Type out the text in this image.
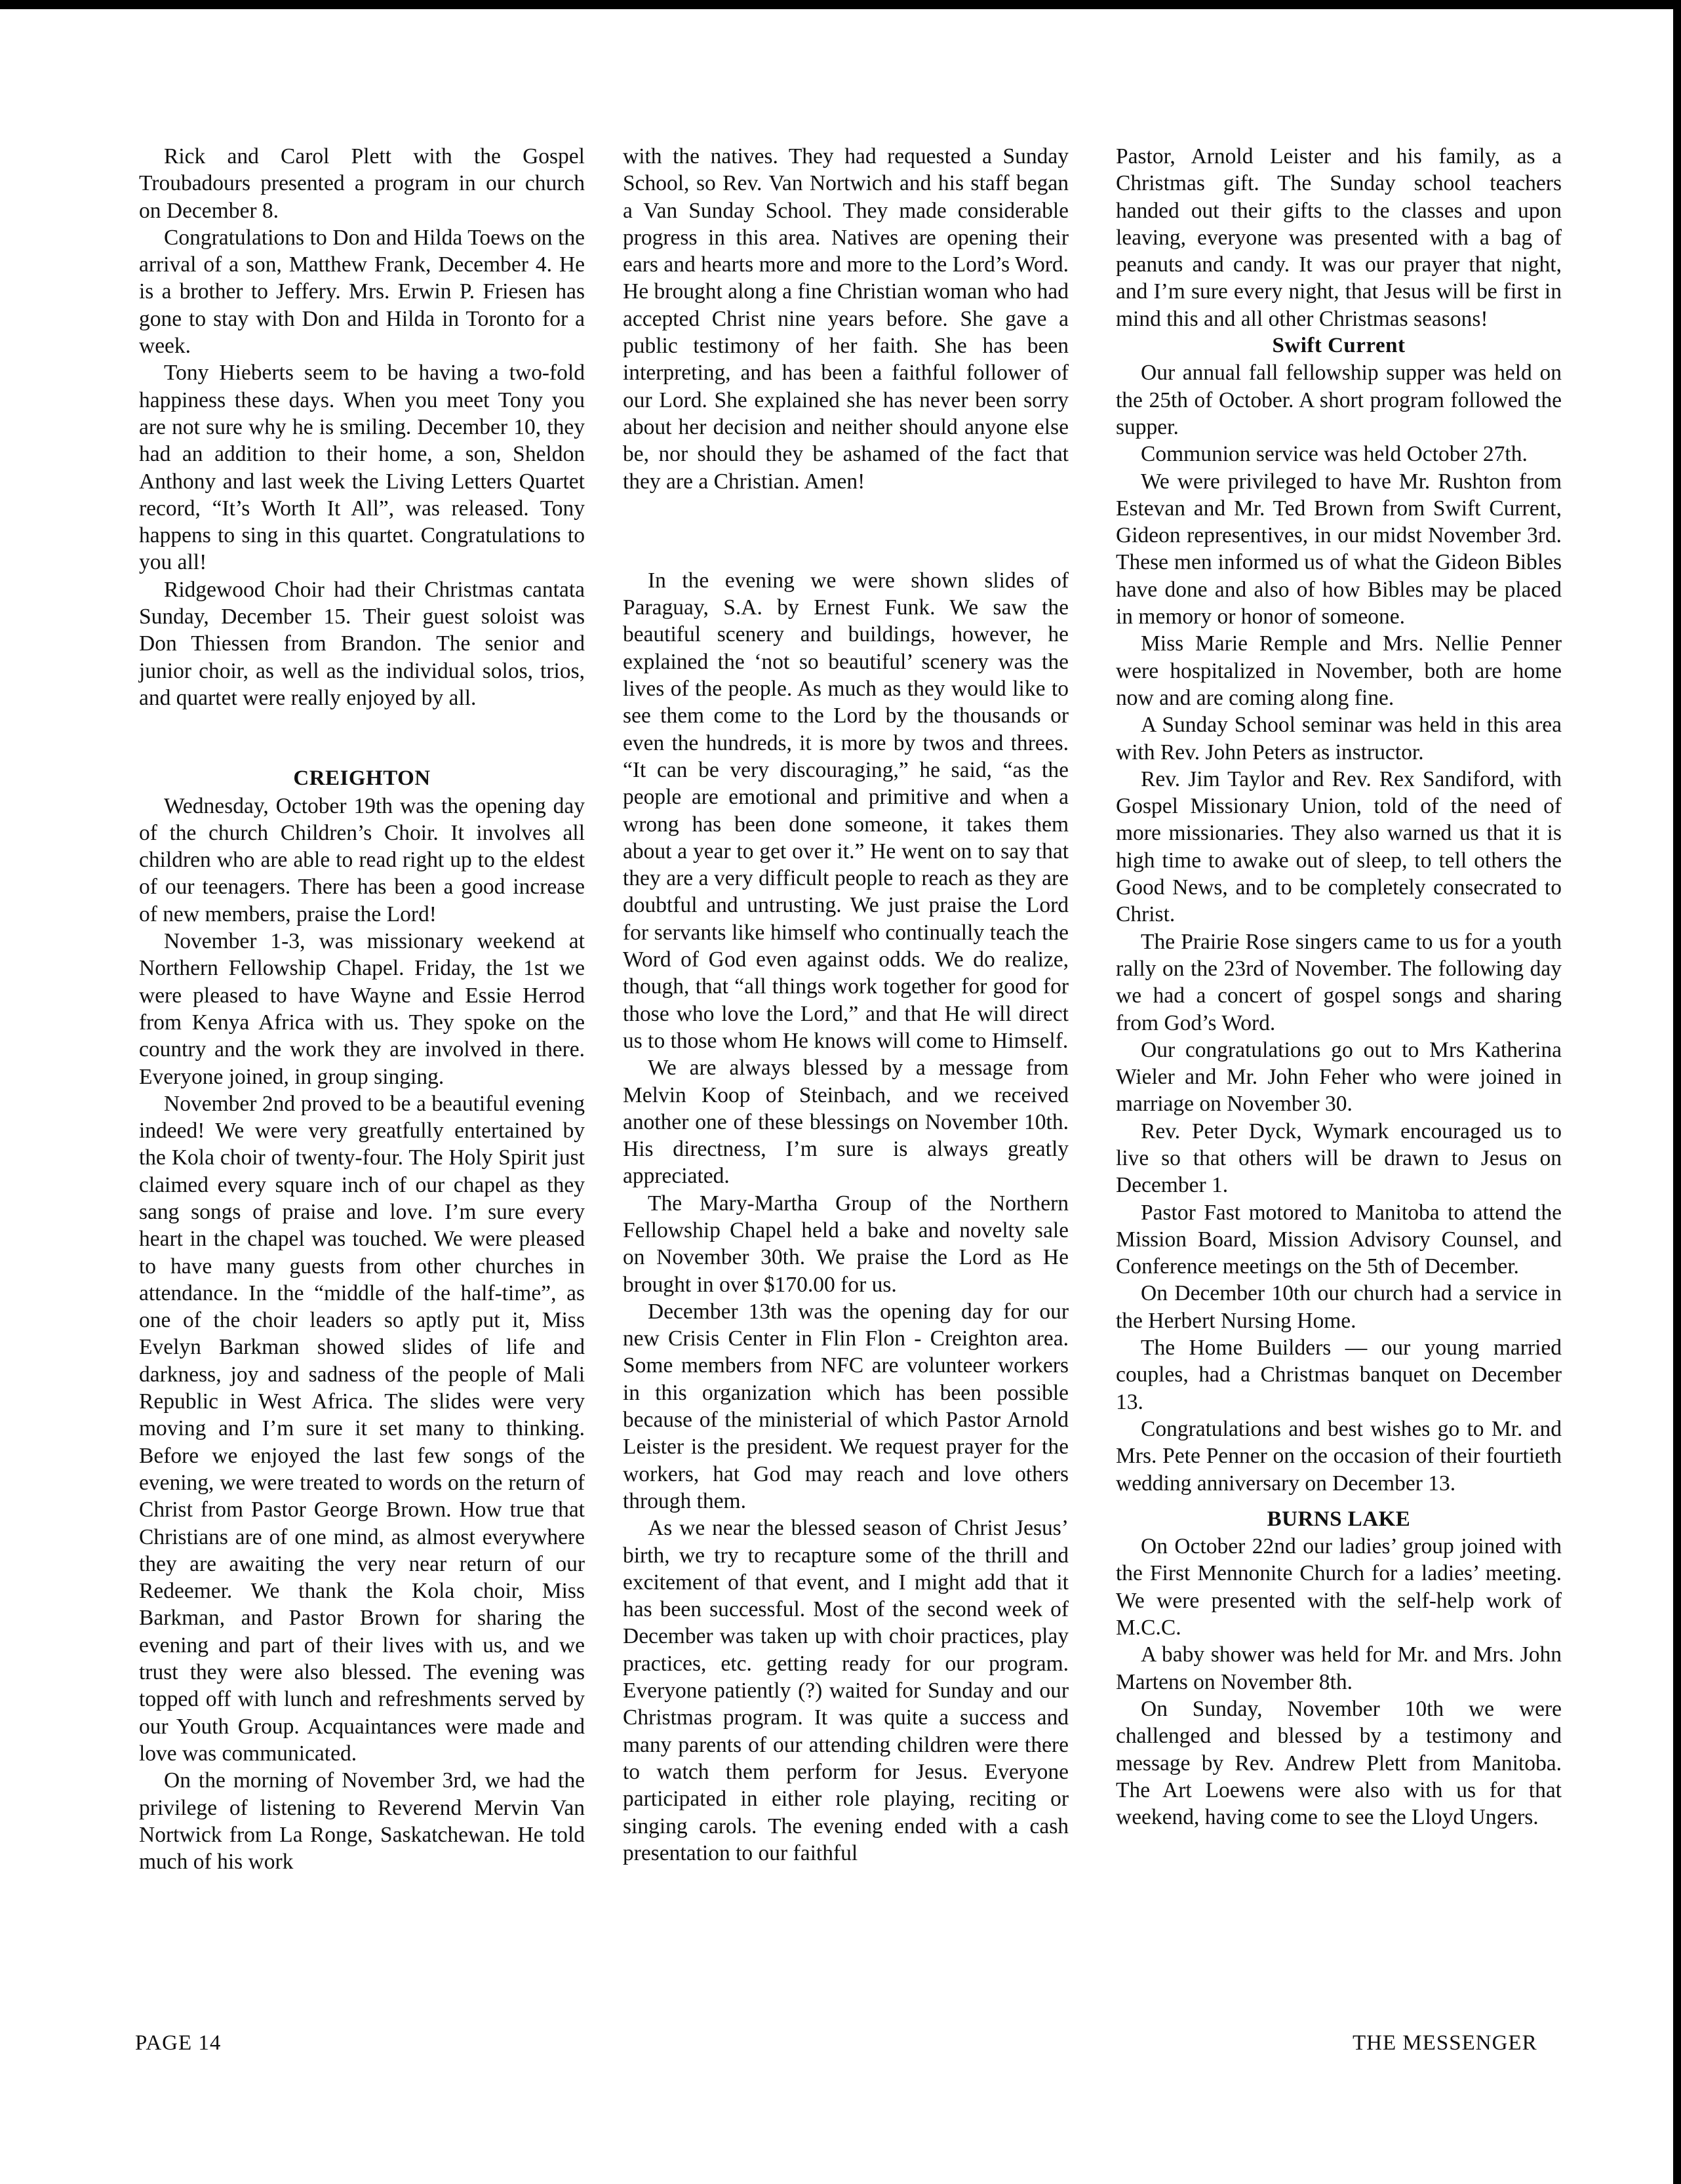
Rick and Carol Plett with the Gospel Troubadours presented a program in our church on December 8.

Congratulations to Don and Hilda Toews on the arrival of a son, Matthew Frank, December 4. He is a brother to Jeffery. Mrs. Erwin P. Friesen has gone to stay with Don and Hilda in Toronto for a week.

Tony Hieberts seem to be having a two-fold happiness these days. When you meet Tony you are not sure why he is smiling. December 10, they had an addition to their home, a son, Sheldon Anthony and last week the Living Letters Quartet record, “It’s Worth It All”, was released. Tony happens to sing in this quartet. Congratulations to you all!

Ridgewood Choir had their Christmas cantata Sunday, December 15. Their guest soloist was Don Thiessen from Brandon. The senior and junior choir, as well as the individual solos, trios, and quartet were really enjoyed by all.

CREIGHTON

Wednesday, October 19th was the opening day of the church Children’s Choir. It involves all children who are able to read right up to the eldest of our teenagers. There has been a good increase of new members, praise the Lord!

November 1-3, was missionary weekend at Northern Fellowship Chapel. Friday, the 1st we were pleased to have Wayne and Essie Herrod from Kenya Africa with us. They spoke on the country and the work they are involved in there. Everyone joined, in group singing.

November 2nd proved to be a beautiful evening indeed! We were very greatfully entertained by the Kola choir of twenty-four. The Holy Spirit just claimed every square inch of our chapel as they sang songs of praise and love. I’m sure every heart in the chapel was touched. We were pleased to have many guests from other churches in attendance. In the “middle of the half-time”, as one of the choir leaders so aptly put it, Miss Evelyn Barkman showed slides of life and darkness, joy and sadness of the people of Mali Republic in West Africa. The slides were very moving and I’m sure it set many to thinking. Before we enjoyed the last few songs of the evening, we were treated to words on the return of Christ from Pastor George Brown. How true that Christians are of one mind, as almost everywhere they are awaiting the very near return of our Redeemer. We thank the Kola choir, Miss Barkman, and Pastor Brown for sharing the evening and part of their lives with us, and we trust they were also blessed. The evening was topped off with lunch and refreshments served by our Youth Group. Acquaintances were made and love was communicated.

On the morning of November 3rd, we had the privilege of listening to Reverend Mervin Van Nortwick from La Ronge, Saskatchewan. He told much of his work

with the natives. They had requested a Sunday School, so Rev. Van Nortwich and his staff began a Van Sunday School. They made considerable progress in this area. Natives are opening their ears and hearts more and more to the Lord’s Word. He brought along a fine Christian woman who had accepted Christ nine years before. She gave a public testimony of her faith. She has been interpreting, and has been a faithful follower of our Lord. She explained she has never been sorry about her decision and neither should anyone else be, nor should they be ashamed of the fact that they are a Christian. Amen!

In the evening we were shown slides of Paraguay, S.A. by Ernest Funk. We saw the beautiful scenery and buildings, however, he explained the ‘not so beautiful’ scenery was the lives of the people. As much as they would like to see them come to the Lord by the thousands or even the hundreds, it is more by twos and threes. “It can be very discouraging,” he said, “as the people are emotional and primitive and when a wrong has been done someone, it takes them about a year to get over it.” He went on to say that they are a very difficult people to reach as they are doubtful and untrusting. We just praise the Lord for servants like himself who continually teach the Word of God even against odds. We do realize, though, that “all things work together for good for those who love the Lord,” and that He will direct us to those whom He knows will come to Himself.

We are always blessed by a message from Melvin Koop of Steinbach, and we received another one of these blessings on November 10th. His directness, I’m sure is always greatly appreciated.

The Mary-Martha Group of the Northern Fellowship Chapel held a bake and novelty sale on November 30th. We praise the Lord as He brought in over $170.00 for us.

December 13th was the opening day for our new Crisis Center in Flin Flon - Creighton area. Some members from NFC are volunteer workers in this organization which has been possible because of the ministerial of which Pastor Arnold Leister is the president. We request prayer for the workers, hat God may reach and love others through them.

As we near the blessed season of Christ Jesus’ birth, we try to recapture some of the thrill and excitement of that event, and I might add that it has been successful. Most of the second week of December was taken up with choir practices, play practices, etc. getting ready for our program. Everyone patiently (?) waited for Sunday and our Christmas program. It was quite a success and many parents of our attending children were there to watch them perform for Jesus. Everyone participated in either role playing, reciting or singing carols. The evening ended with a cash presentation to our faithful

Pastor, Arnold Leister and his family, as a Christmas gift. The Sunday school teachers handed out their gifts to the classes and upon leaving, everyone was presented with a bag of peanuts and candy. It was our prayer that night, and I’m sure every night, that Jesus will be first in mind this and all other Christmas seasons!

Swift Current

Our annual fall fellowship supper was held on the 25th of October. A short program followed the supper.

Communion service was held October 27th.

We were privileged to have Mr. Rushton from Estevan and Mr. Ted Brown from Swift Current, Gideon representives, in our midst November 3rd. These men informed us of what the Gideon Bibles have done and also of how Bibles may be placed in memory or honor of someone.

Miss Marie Remple and Mrs. Nellie Penner were hospitalized in November, both are home now and are coming along fine.

A Sunday School seminar was held in this area with Rev. John Peters as instructor.

Rev. Jim Taylor and Rev. Rex Sandiford, with Gospel Missionary Union, told of the need of more missionaries. They also warned us that it is high time to awake out of sleep, to tell others the Good News, and to be completely consecrated to Christ.

The Prairie Rose singers came to us for a youth rally on the 23rd of November. The following day we had a concert of gospel songs and sharing from God’s Word.

Our congratulations go out to Mrs Katherina Wieler and Mr. John Feher who were joined in marriage on November 30.

Rev. Peter Dyck, Wymark encouraged us to live so that others will be drawn to Jesus on December 1.

Pastor Fast motored to Manitoba to attend the Mission Board, Mission Advisory Counsel, and Conference meetings on the 5th of December.

On December 10th our church had a service in the Herbert Nursing Home.

The Home Builders — our young married couples, had a Christmas banquet on December 13.

Congratulations and best wishes go to Mr. and Mrs. Pete Penner on the occasion of their fourtieth wedding anniversary on December 13.

BURNS LAKE

On October 22nd our ladies’ group joined with the First Mennonite Church for a ladies’ meeting. We were presented with the self-help work of M.C.C.

A baby shower was held for Mr. and Mrs. John Martens on November 8th.

On Sunday, November 10th we were challenged and blessed by a testimony and message by Rev. Andrew Plett from Manitoba. The Art Loewens were also with us for that weekend, having come to see the Lloyd Ungers.

PAGE 14	THE MESSENGER
